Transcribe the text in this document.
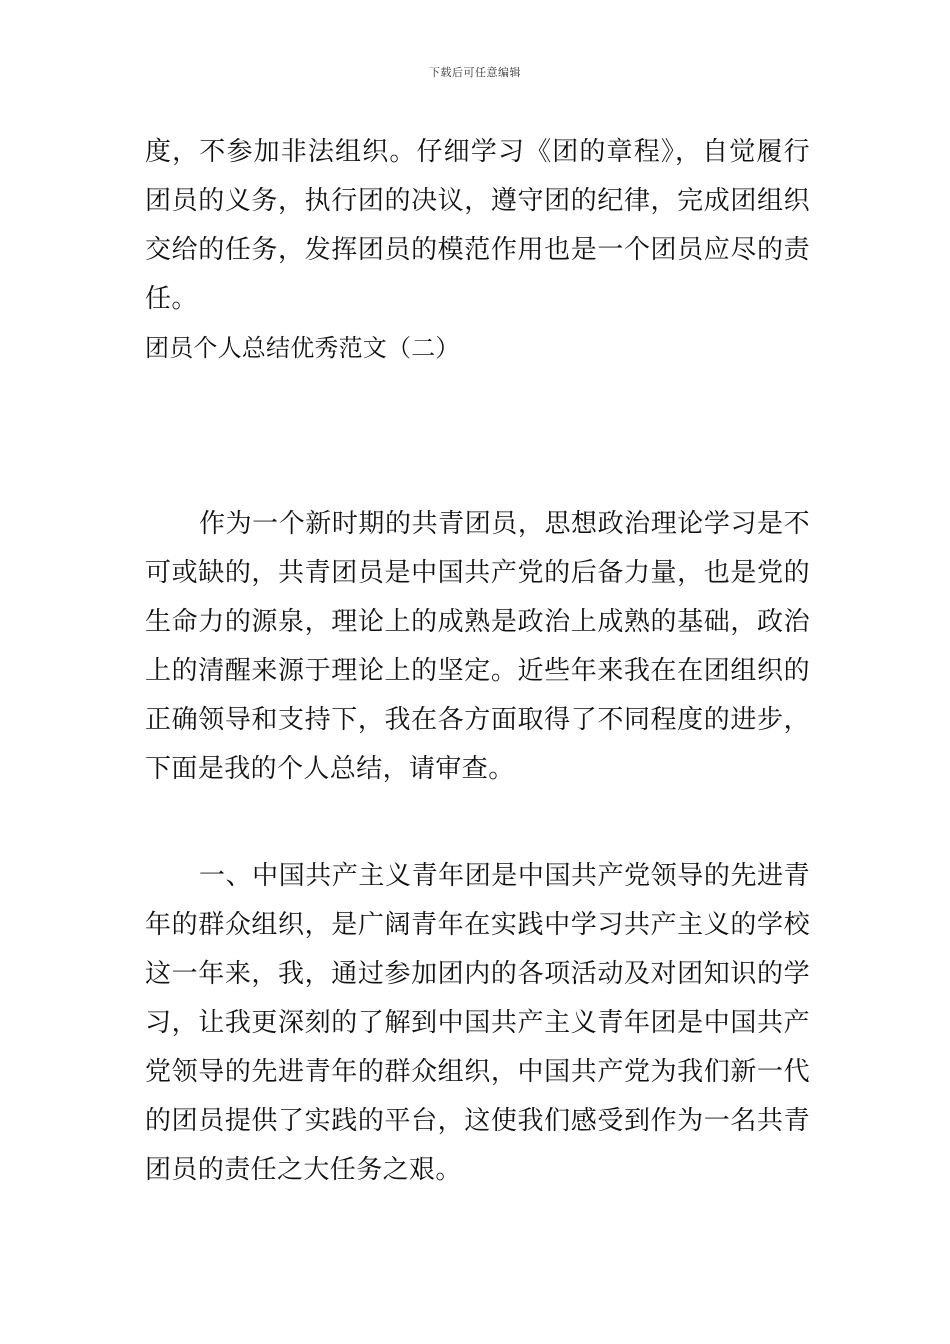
下载后可任意编辑
度，不参加非法组织。仔细学习《团的章程》，自觉履行
团员的义务，执行团的决议，遵守团的纪律，完成团组织
交给的任务，发挥团员的模范作用也是一个团员应尽的责
任。
团员个人总结优秀范文（二）
作为一个新时期的共青团员，思想政治理论学习是不
可或缺的，共青团员是中国共产党的后备力量，也是党的
生命力的源泉，理论上的成熟是政治上成熟的基础，政治
上的清醒来源于理论上的坚定。近些年来我在在团组织的
正确领导和支持下，我在各方面取得了不同程度的进步，
下面是我的个人总结，请审查。
一、中国共产主义青年团是中国共产党领导的先进青
年的群众组织，是广阔青年在实践中学习共产主义的学校
这一年来，我，通过参加团内的各项活动及对团知识的学
习，让我更深刻的了解到中国共产主义青年团是中国共产
党领导的先进青年的群众组织，中国共产党为我们新一代
的团员提供了实践的平台，这使我们感受到作为一名共青
团员的责任之大任务之艰。
